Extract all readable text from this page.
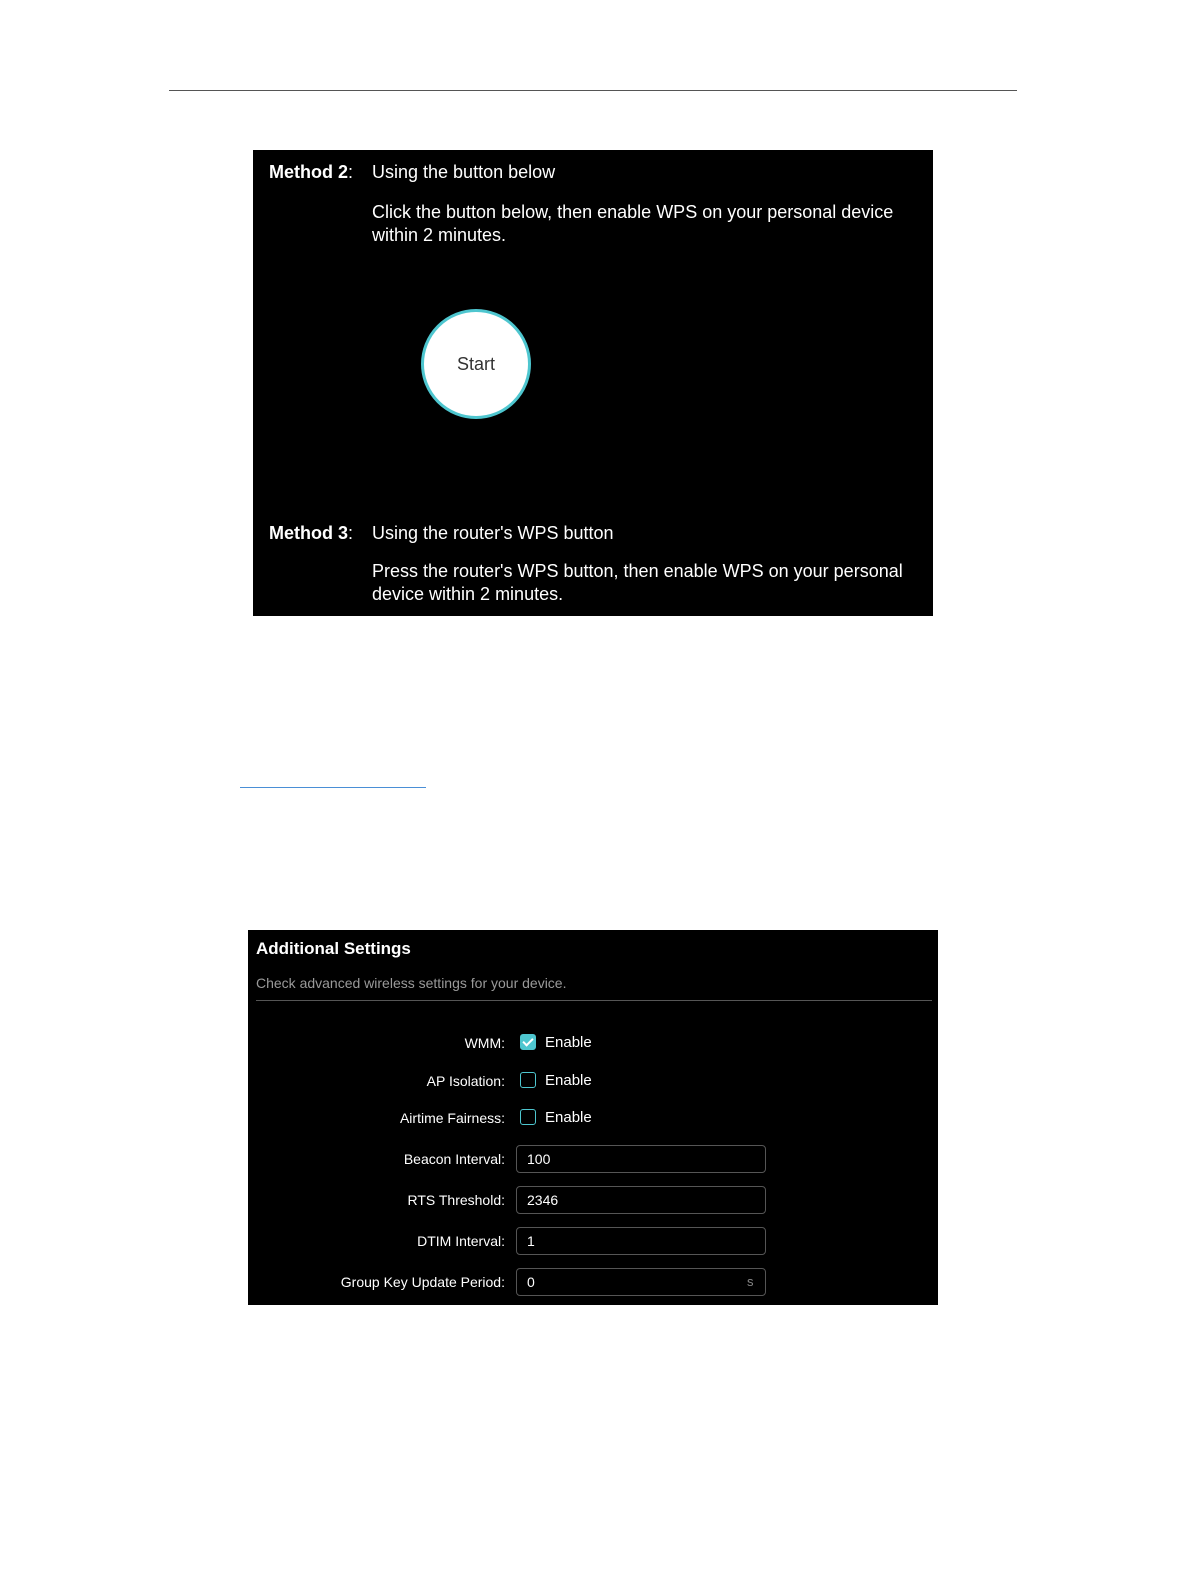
Method 2: Using the button below
Click the button below, then enable WPS on your personal device within 2 minutes.
Start
Method 3: Using the router's WPS button
Press the router's WPS button, then enable WPS on your personal device within 2 minutes.
Additional Settings
Check advanced wireless settings for your device.
WMM:	Enable
AP Isolation:	Enable
Airtime Fairness:	Enable
Beacon Interval:	100
RTS Threshold:	2346
DTIM Interval:	1
Group Key Update Period:	0	s
